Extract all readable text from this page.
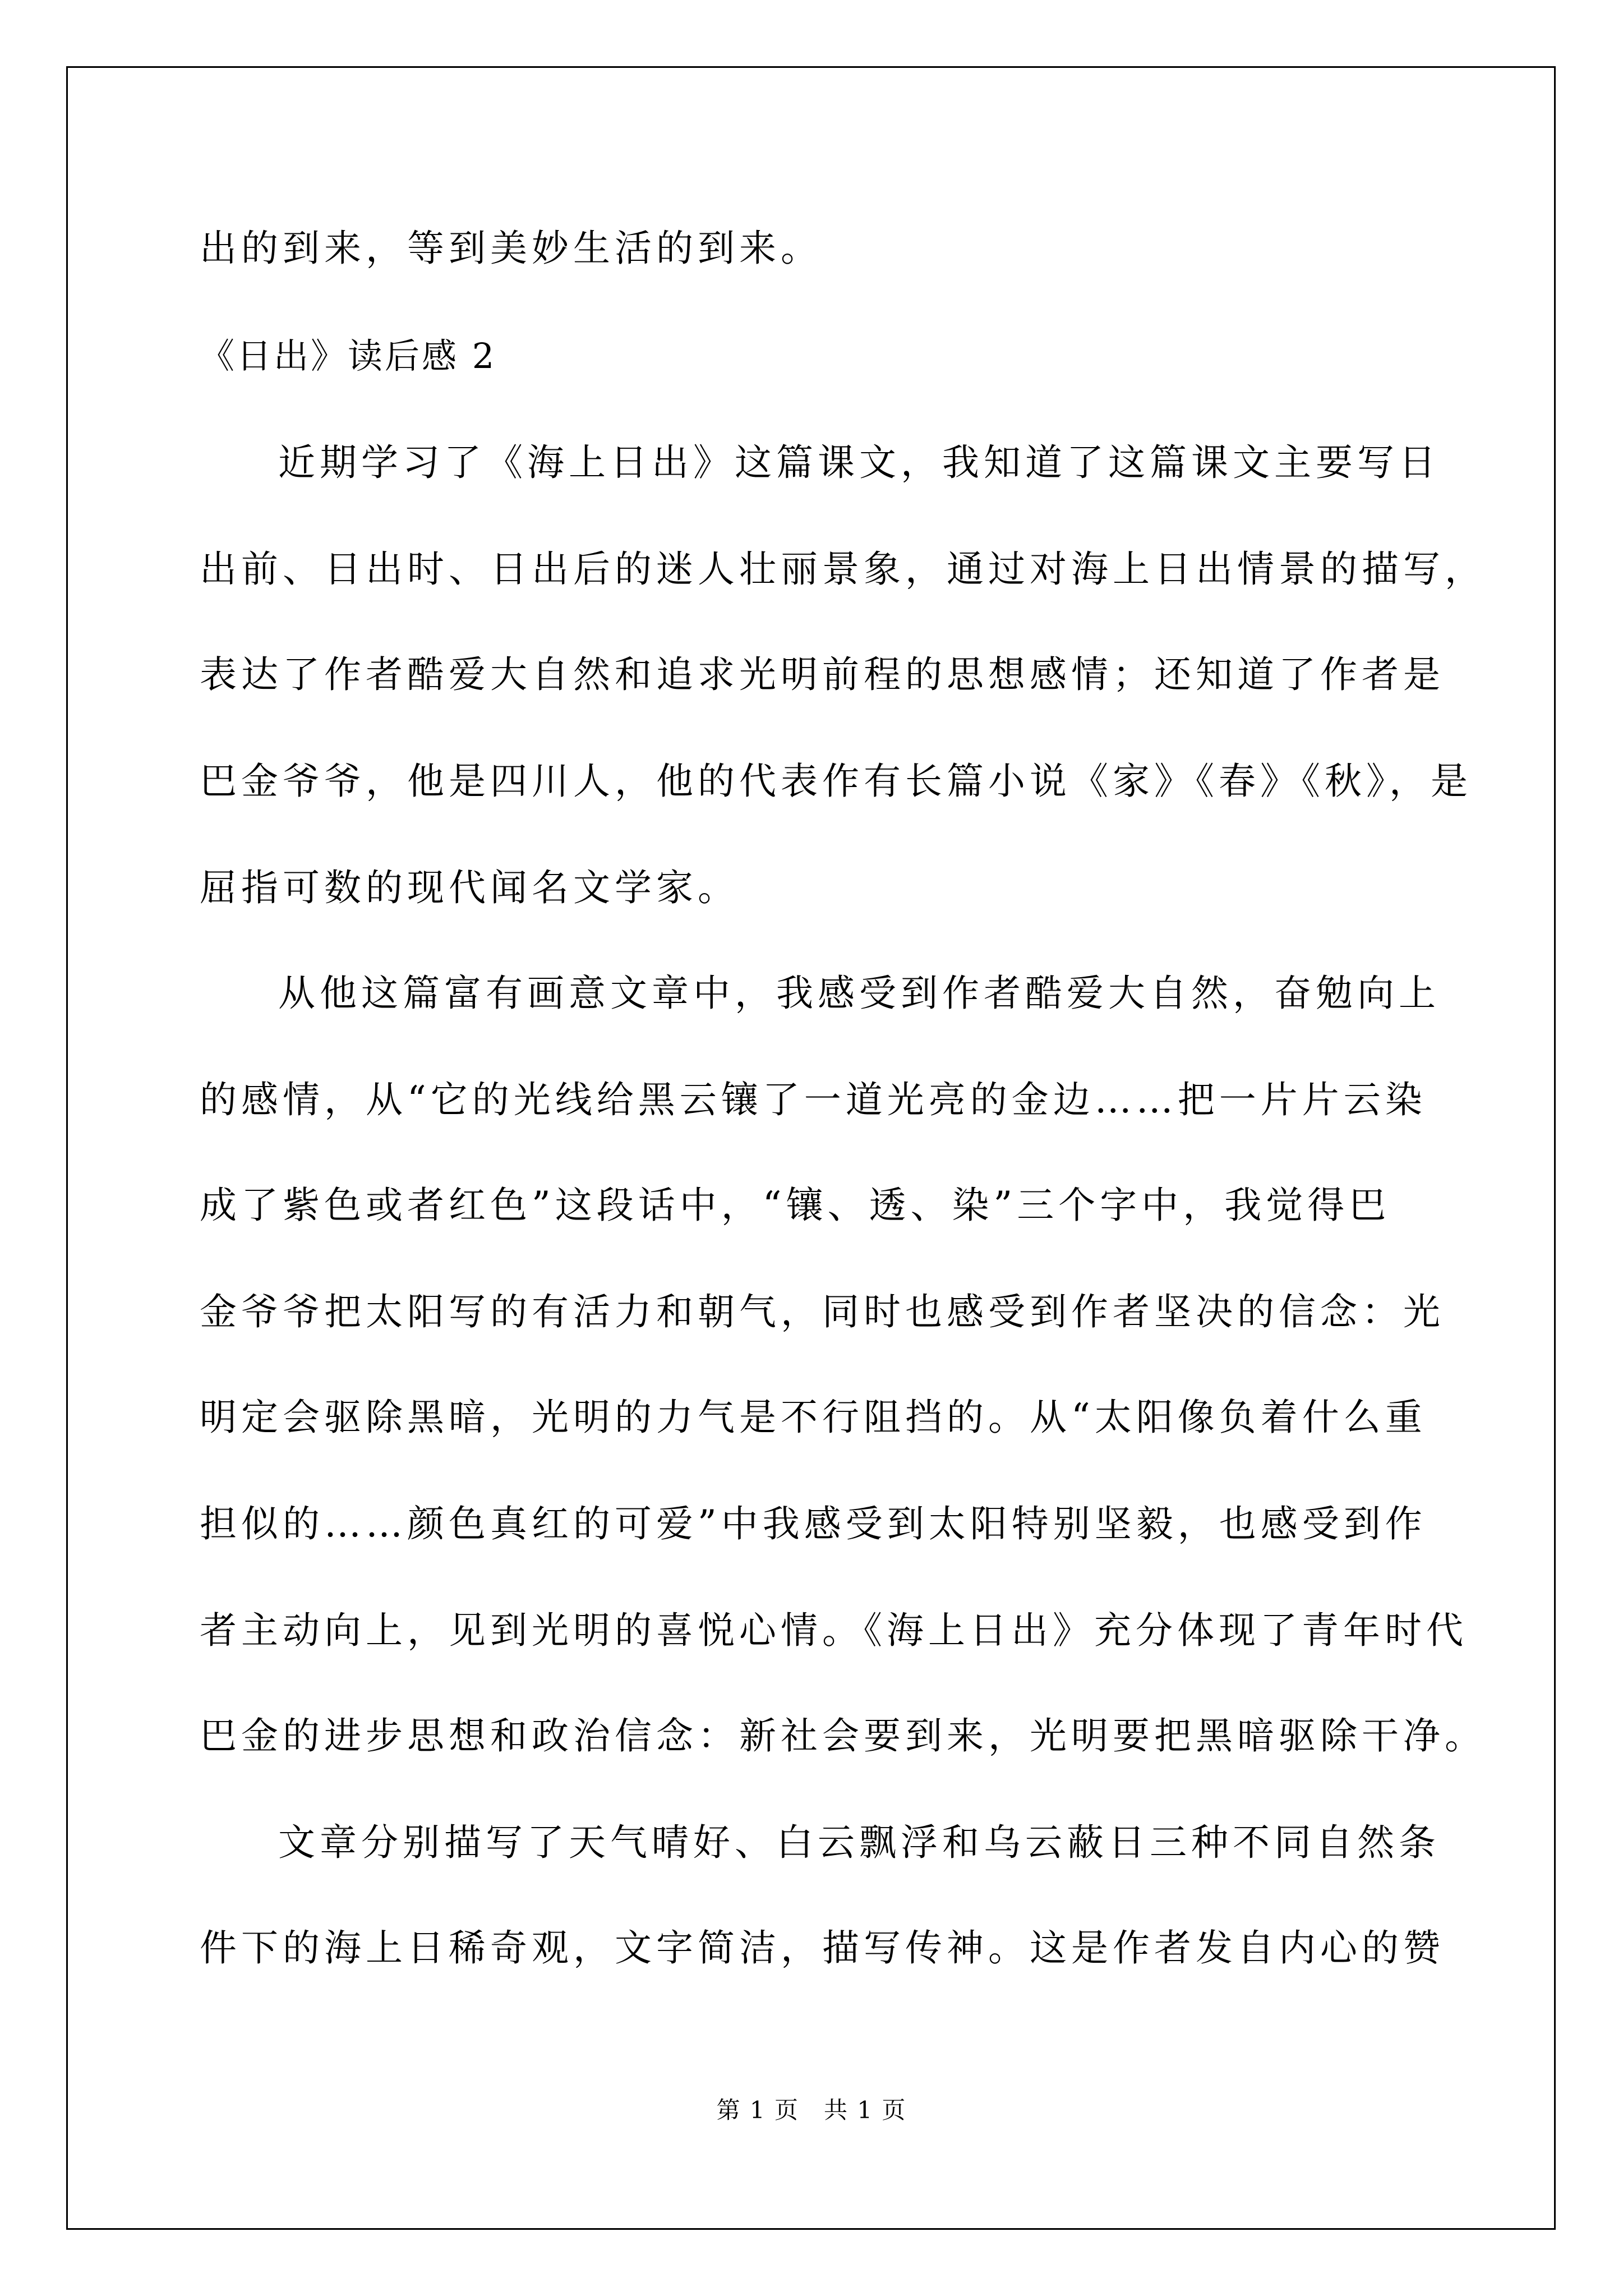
出的到来，等到美妙生活的到来。
《日出》读后感 2
近期学习了《海上日出》这篇课文，我知道了这篇课文主要写日
出前、日出时、日出后的迷人壮丽景象，通过对海上日出情景的描写，
表达了作者酷爱大自然和追求光明前程的思想感情；还知道了作者是
巴金爷爷，他是四川人，他的代表作有长篇小说《家》《春》《秋》，是
屈指可数的现代闻名文学家。
从他这篇富有画意文章中，我感受到作者酷爱大自然，奋勉向上
的感情，从“它的光线给黑云镶了一道光亮的金边……把一片片云染
成了紫色或者红色”这段话中，“镶、透、染”三个字中，我觉得巴
金爷爷把太阳写的有活力和朝气，同时也感受到作者坚决的信念：光
明定会驱除黑暗，光明的力气是不行阻挡的。从“太阳像负着什么重
担似的……颜色真红的可爱”中我感受到太阳特别坚毅，也感受到作
者主动向上，见到光明的喜悦心情。《海上日出》充分体现了青年时代
巴金的进步思想和政治信念：新社会要到来，光明要把黑暗驱除干净。
文章分别描写了天气晴好、白云飘浮和乌云蔽日三种不同自然条
件下的海上日稀奇观，文字简洁，描写传神。这是作者发自内心的赞
第 1 页　共 1 页
